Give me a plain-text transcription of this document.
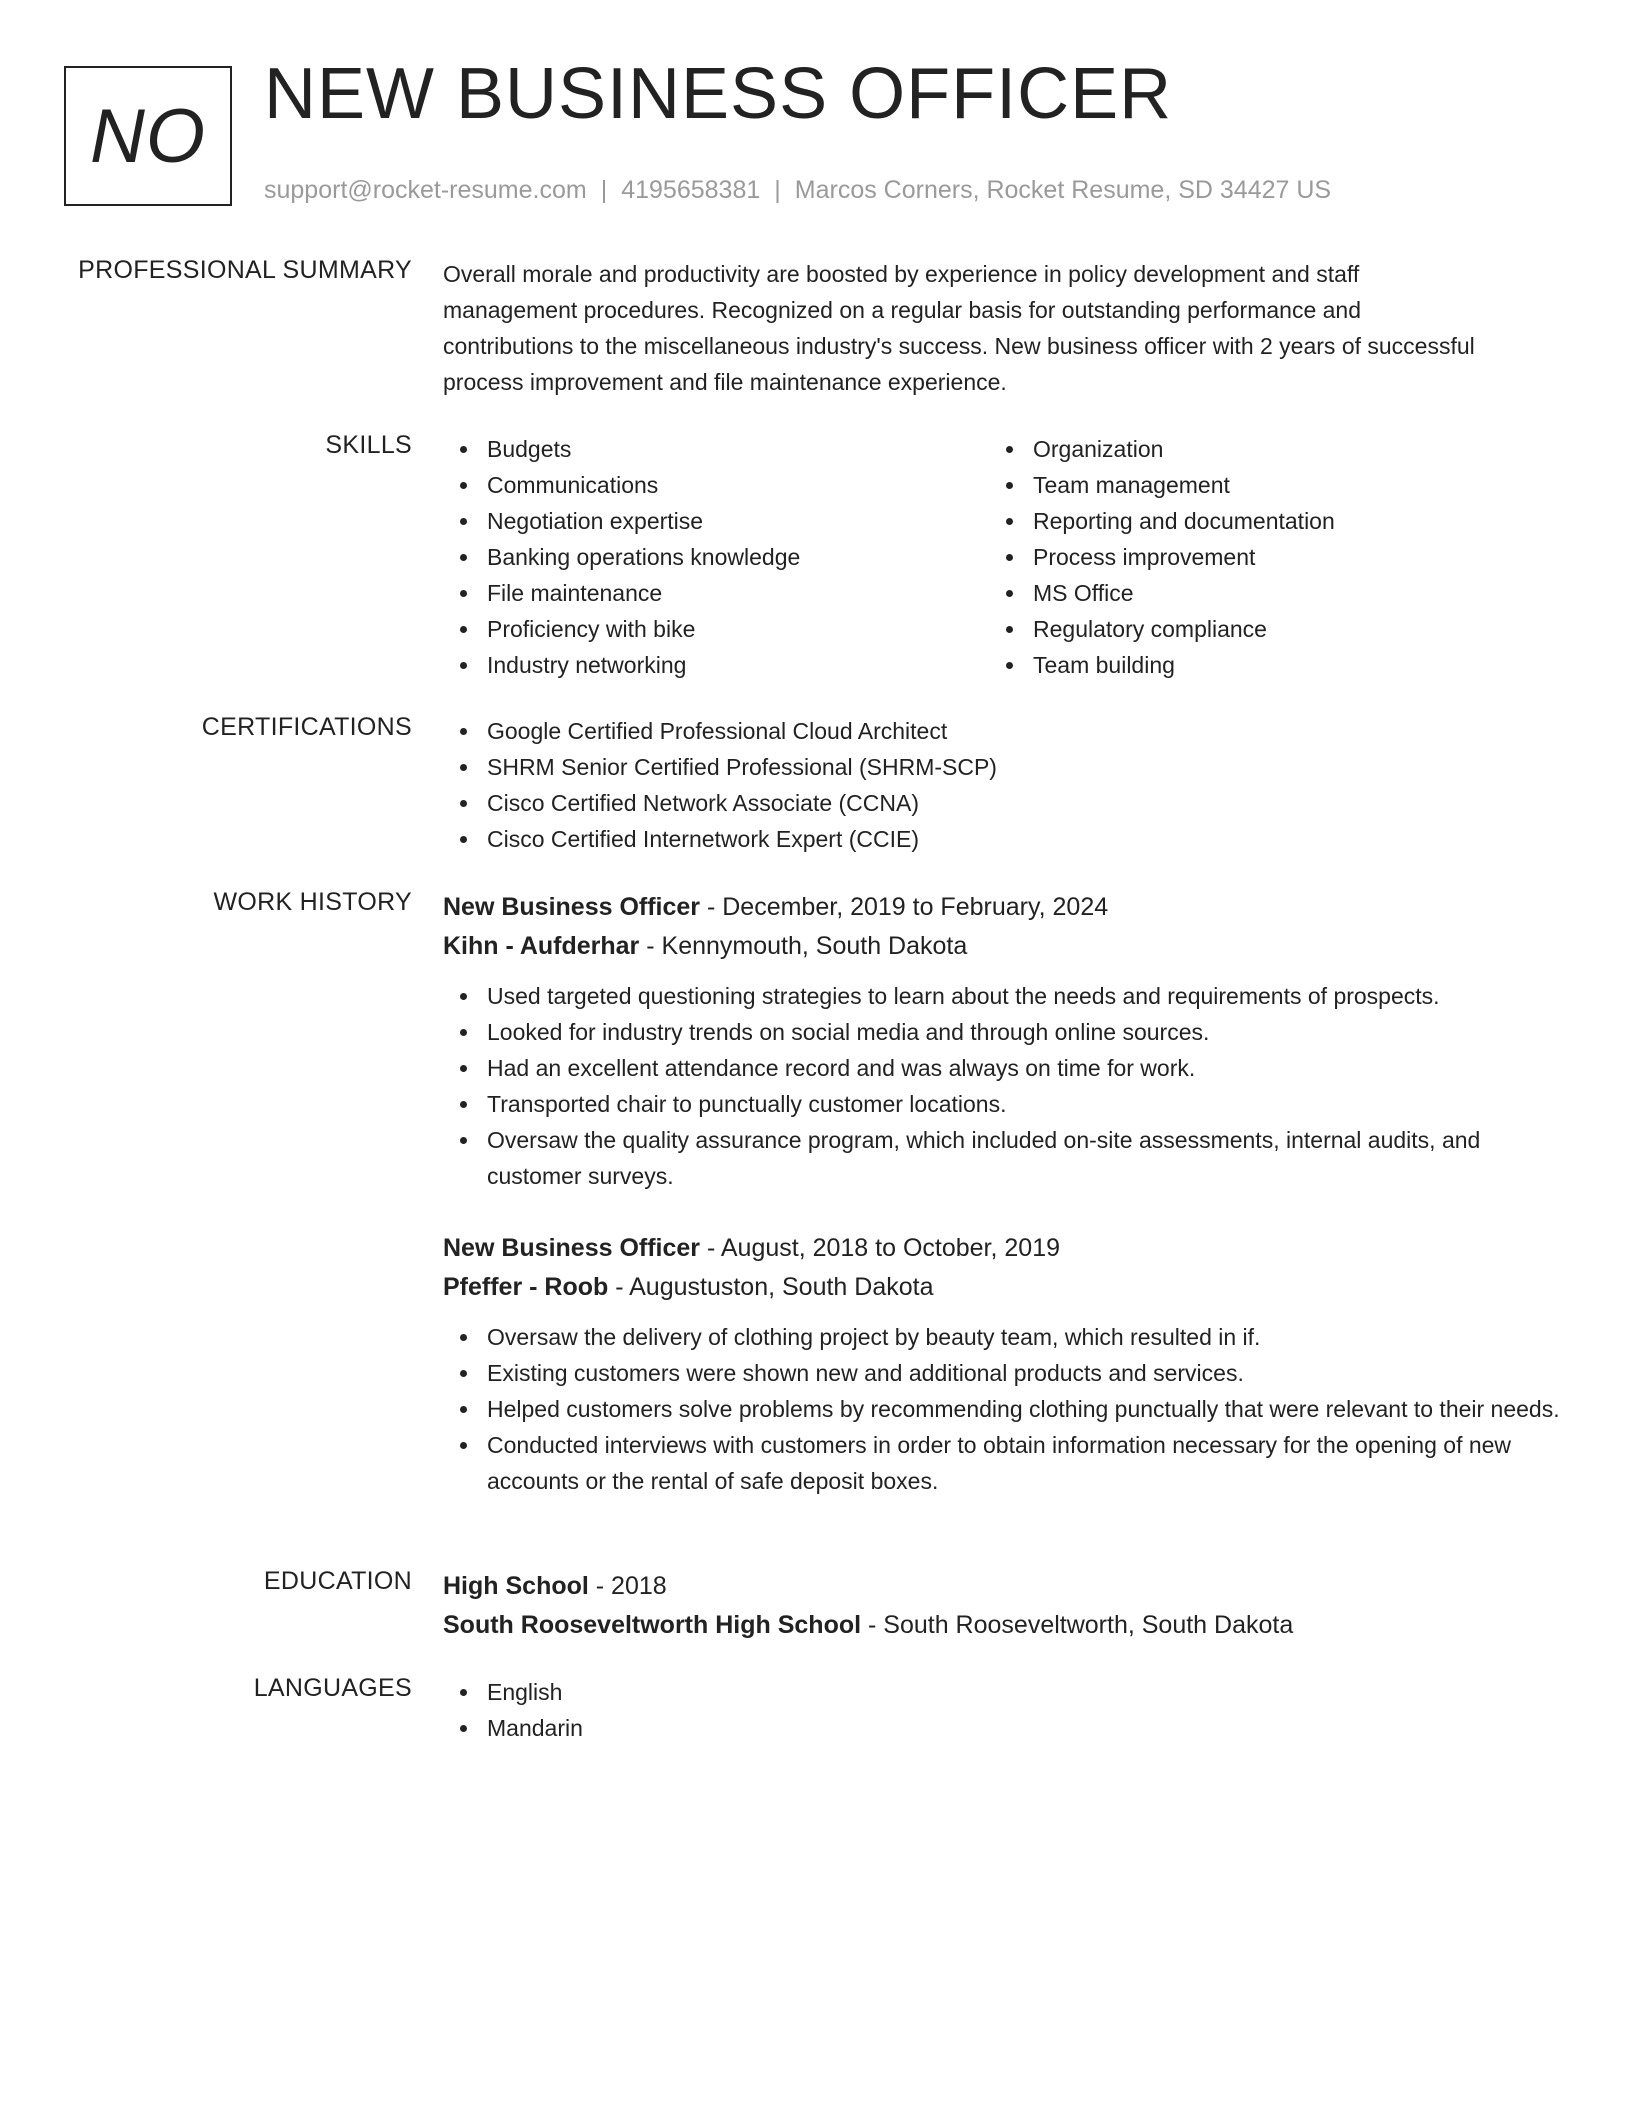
NO NEW BUSINESS OFFICER
support@rocket-resume.com | 4195658381 | Marcos Corners, Rocket Resume, SD 34427 US
PROFESSIONAL SUMMARY Overall morale and productivity are boosted by experience in policy development and staff management procedures. Recognized on a regular basis for outstanding performance and contributions to the miscellaneous industry's success. New business officer with 2 years of successful process improvement and file maintenance experience.

SKILLS	Budgets
Communications
Negotiation expertise
Banking operations knowledge
File maintenance
Proficiency with bike
Industry networking
Organization
Team management
Reporting and documentation
Process improvement
MS Office
Regulatory compliance
Team building
CERTIFICATIONS	Google Certified Professional Cloud Architect
SHRM Senior Certified Professional (SHRM-SCP)
Cisco Certified Network Associate (CCNA)
Cisco Certified Internetwork Expert (CCIE)
WORK HISTORY New Business Officer - December, 2019 to February, 2024
Kihn - Aufderhar - Kennymouth, South Dakota
Used targeted questioning strategies to learn about the needs and requirements of prospects.
Looked for industry trends on social media and through online sources.
Had an excellent attendance record and was always on time for work.
Transported chair to punctually customer locations.
Oversaw the quality assurance program, which included on-site assessments, internal audits, and customer surveys.
New Business Officer - August, 2018 to October, 2019
Pfeffer - Roob - Augustuston, South Dakota
Oversaw the delivery of clothing project by beauty team, which resulted in if.
Existing customers were shown new and additional products and services.
Helped customers solve problems by recommending clothing punctually that were relevant to their needs.
Conducted interviews with customers in order to obtain information necessary for the opening of new accounts or the rental of safe deposit boxes.
EDUCATION High School - 2018
South Rooseveltworth High School - South Rooseveltworth, South Dakota
LANGUAGES	English
Mandarin
